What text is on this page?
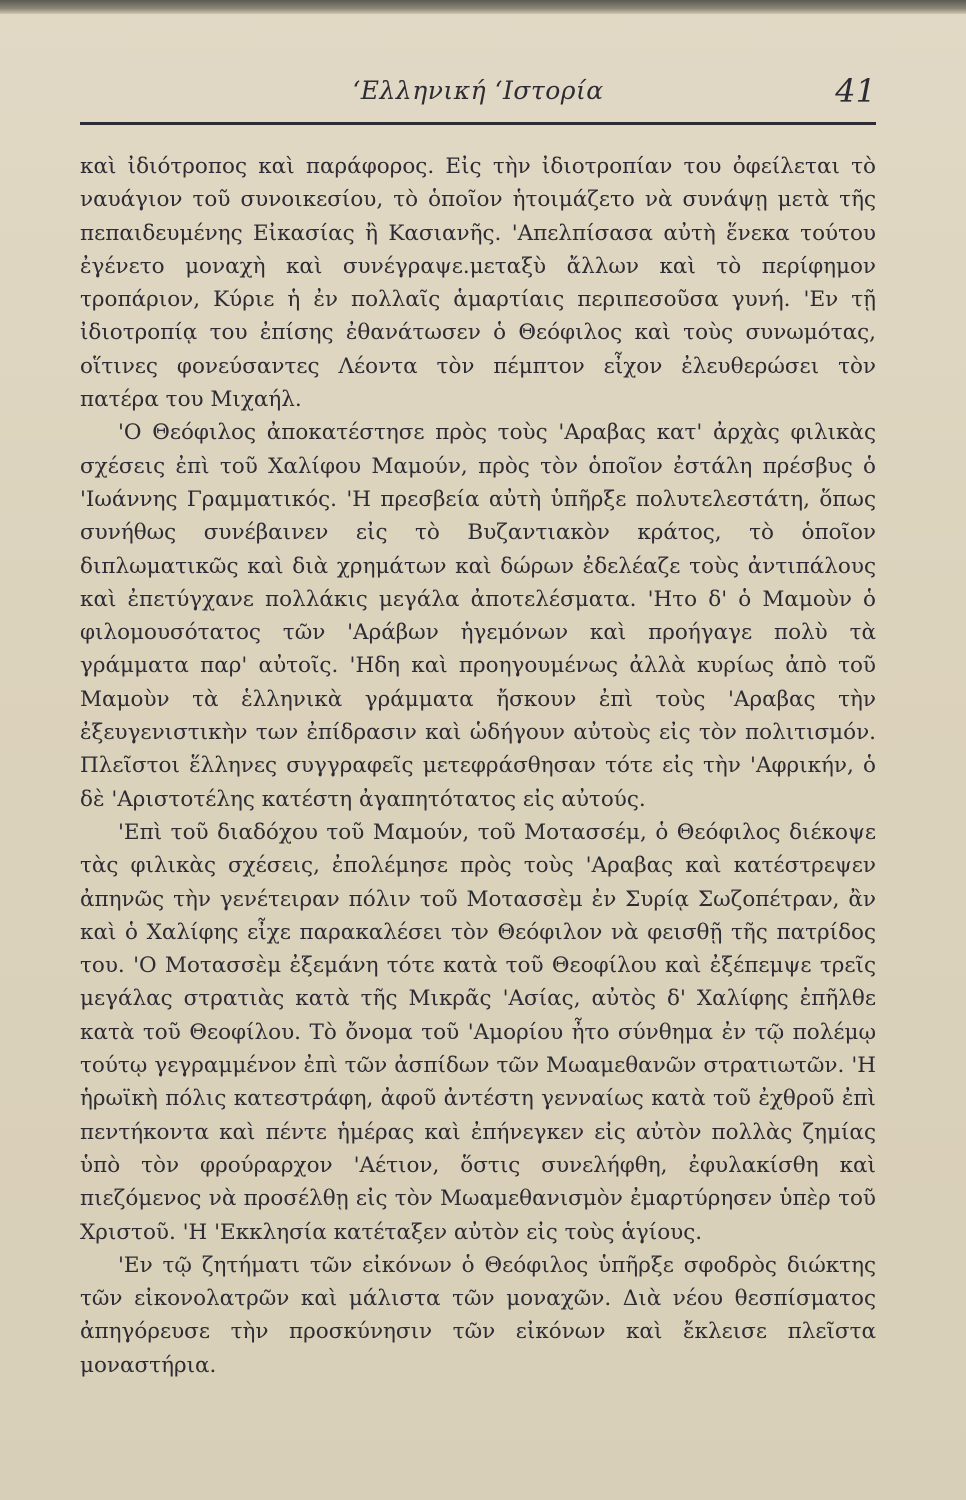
‘Ελληνική ‘Ιστορία	41

καὶ ἰδιότροπος καὶ παράφορος. Εἰς τὴν ἰδιοτροπίαν του ὀφείλεται τὸ ναυάγιον τοῦ συνοικεσίου, τὸ ὁποῖον ἡτοιμάζετο νὰ συνάψῃ μετὰ τῆς πεπαιδευμένης Εἰκασίας ἢ Κασιανῆς. 'Απελπίσασα αὐτὴ ἕνεκα τούτου ἐγένετο μοναχὴ καὶ συνέγραψε.μεταξὺ ἄλλων καὶ τὸ περίφημον τροπάριον, Κύριε ἡ ἐν πολλαῖς ἁμαρτίαις περιπεσοῦσα γυνή. 'Εν τῇ ἰδιοτροπίᾳ του ἐπίσης ἐθανάτωσεν ὁ Θεόφιλος καὶ τοὺς συνωμότας, οἵτινες φονεύσαντες Λέοντα τὸν πέμπτον εἶχον ἐλευθερώσει τὸν πατέρα του Μιχαήλ.

'Ο Θεόφιλος ἀποκατέστησε πρὸς τοὺς 'Αραβας κατ' ἀρχὰς φιλικὰς σχέσεις ἐπὶ τοῦ Χαλίφου Μαμούν, πρὸς τὸν ὁποῖον ἐστάλη πρέσβυς ὁ 'Ιωάννης Γραμματικός. 'Η πρεσβεία αὐτὴ ὑπῆρξε πολυτελεστάτη, ὅπως συνήθως συνέβαινεν εἰς τὸ Βυζαντιακὸν κράτος, τὸ ὁποῖον διπλωματικῶς καὶ διὰ χρημάτων καὶ δώρων ἐδελέαζε τοὺς ἀντιπάλους καὶ ἐπετύγχανε πολλάκις μεγάλα ἀποτελέσματα. 'Ητο δ' ὁ Μαμοὺν ὁ φιλομουσότατος τῶν 'Αράβων ἡγεμόνων καὶ προήγαγε πολὺ τὰ γράμματα παρ' αὐτοῖς. 'Ηδη καὶ προηγουμένως ἀλλὰ κυρίως ἀπὸ τοῦ Μαμοὺν τὰ ἑλληνικὰ γράμματα ἤσκουν ἐπὶ τοὺς 'Αραβας τὴν ἐξευγενιστικὴν των ἐπίδρασιν καὶ ὡδήγουν αὐτοὺς εἰς τὸν πολιτισμόν. Πλεῖστοι ἕλληνες συγγραφεῖς μετεφράσθησαν τότε εἰς τὴν 'Αφρικήν, ὁ δὲ 'Αριστοτέλης κατέστη ἀγαπητότατος εἰς αὐτούς.

'Επὶ τοῦ διαδόχου τοῦ Μαμούν, τοῦ Μοτασσέμ, ὁ Θεόφιλος διέκοψε τὰς φιλικὰς σχέσεις, ἐπολέμησε πρὸς τοὺς 'Αραβας καὶ κατέστρεψεν ἀπηνῶς τὴν γενέτειραν πόλιν τοῦ Μοτασσὲμ ἐν Συρίᾳ Σωζοπέτραν, ἂν καὶ ὁ Χαλίφης εἶχε παρακαλέσει τὸν Θεόφιλον νὰ φεισθῇ τῆς πατρίδος του. 'Ο Μοτασσὲμ ἐξεμάνη τότε κατὰ τοῦ Θεοφίλου καὶ ἐξέπεμψε τρεῖς μεγάλας στρατιὰς κατὰ τῆς Μικρᾶς 'Ασίας, αὐτὸς δ' Χαλίφης ἐπῆλθε κατὰ τοῦ Θεοφίλου. Τὸ ὄνομα τοῦ 'Αμορίου ἦτο σύνθημα ἐν τῷ πολέμῳ τούτῳ γεγραμμένον ἐπὶ τῶν ἀσπίδων τῶν Μωαμεθανῶν στρατιωτῶν. 'Η ἡρωϊκὴ πόλις κατεστράφη, ἀφοῦ ἀντέστη γενναίως κατὰ τοῦ ἐχθροῦ ἐπὶ πεντήκοντα καὶ πέντε ἡμέρας καὶ ἐπήνεγκεν εἰς αὐτὸν πολλὰς ζημίας ὑπὸ τὸν φρούραρχον 'Αέτιον, ὅστις συνελήφθη, ἐφυλακίσθη καὶ πιεζόμενος νὰ προσέλθῃ εἰς τὸν Μωαμεθανισμὸν ἐμαρτύρησεν ὑπὲρ τοῦ Χριστοῦ. 'Η 'Εκκλησία κατέταξεν αὐτὸν εἰς τοὺς ἁγίους.

'Εν τῷ ζητήματι τῶν εἰκόνων ὁ Θεόφιλος ὑπῆρξε σφοδρὸς διώκτης τῶν εἰκονολατρῶν καὶ μάλιστα τῶν μοναχῶν. Διὰ νέου θεσπίσματος ἀπηγόρευσε τὴν προσκύνησιν τῶν εἰκόνων καὶ ἔκλεισε πλεῖστα μοναστήρια.
